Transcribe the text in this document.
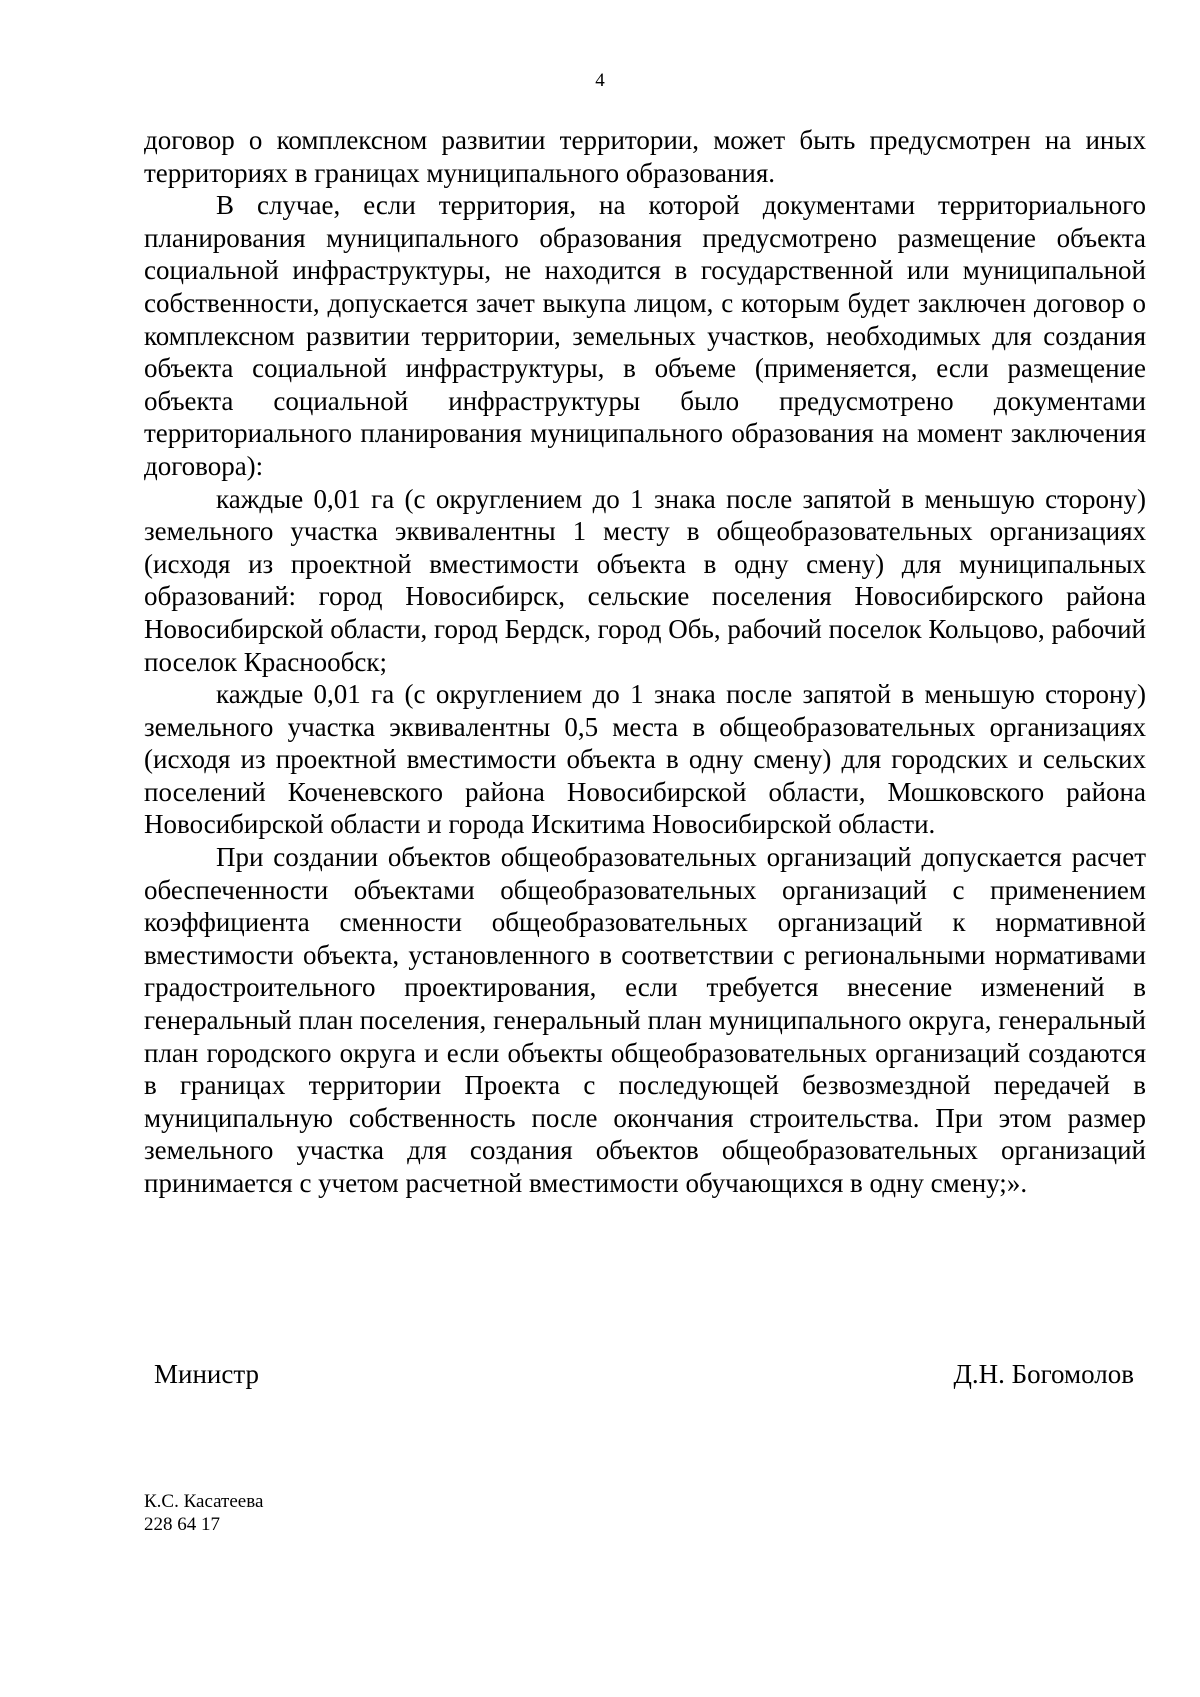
4

договор о комплексном развитии территории, может быть предусмотрен на иных территориях в границах муниципального образования.

В случае, если территория, на которой документами территориального планирования муниципального образования предусмотрено размещение объекта социальной инфраструктуры, не находится в государственной или муниципальной собственности, допускается зачет выкупа лицом, с которым будет заключен договор о комплексном развитии территории, земельных участков, необходимых для создания объекта социальной инфраструктуры, в объеме (применяется, если размещение объекта социальной инфраструктуры было предусмотрено документами территориального планирования муниципального образования на момент заключения договора):

каждые 0,01 га (с округлением до 1 знака после запятой в меньшую сторону) земельного участка эквивалентны 1 месту в общеобразовательных организациях (исходя из проектной вместимости объекта в одну смену) для муниципальных образований: город Новосибирск, сельские поселения Новосибирского района Новосибирской области, город Бердск, город Обь, рабочий поселок Кольцово, рабочий поселок Краснообск;

каждые 0,01 га (с округлением до 1 знака после запятой в меньшую сторону) земельного участка эквивалентны 0,5 места в общеобразовательных организациях (исходя из проектной вместимости объекта в одну смену) для городских и сельских поселений Коченевского района Новосибирской области, Мошковского района Новосибирской области и города Искитима Новосибирской области.

При создании объектов общеобразовательных организаций допускается расчет обеспеченности объектами общеобразовательных организаций с применением коэффициента сменности общеобразовательных организаций к нормативной вместимости объекта, установленного в соответствии с региональными нормативами градостроительного проектирования, если требуется внесение изменений в генеральный план поселения, генеральный план муниципального округа, генеральный план городского округа и если объекты общеобразовательных организаций создаются в границах территории Проекта с последующей безвозмездной передачей в муниципальную собственность после окончания строительства. При этом размер земельного участка для создания объектов общеобразовательных организаций принимается с учетом расчетной вместимости обучающихся в одну смену;».

Министр	Д.Н. Богомолов
К.С. Касатеева
228 64 17
